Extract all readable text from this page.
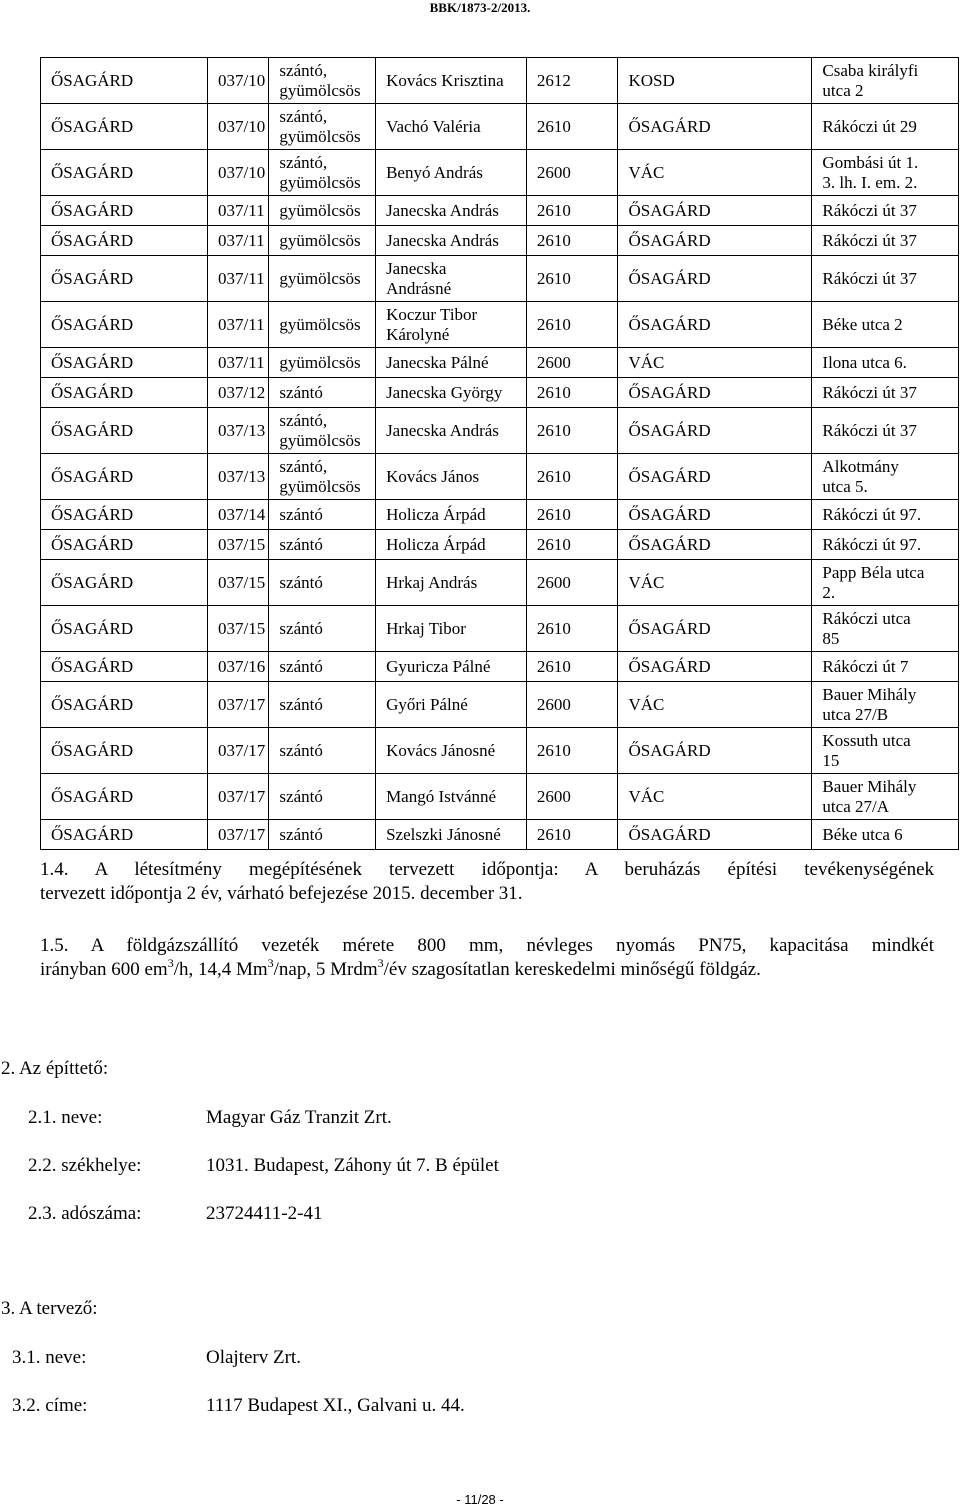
BBK/1873-2/2013.
ŐSAGÁRD	037/10	szántó,
gyümölcsös	Kovács Krisztina	2612	KOSD	Csaba királyfi
utca 2

ŐSAGÁRD	037/10	szántó,
gyümölcsös	Vachó Valéria	2610	ŐSAGÁRD	Rákóczi út 29

ŐSAGÁRD	037/10	szántó,
gyümölcsös	Benyó András	2600	VÁC	Gombási út 1.
3. lh. I. em. 2.

ŐSAGÁRD	037/11	gyümölcsös	Janecska András	2610	ŐSAGÁRD	Rákóczi út 37

ŐSAGÁRD	037/11	gyümölcsös	Janecska András	2610	ŐSAGÁRD	Rákóczi út 37

ŐSAGÁRD	037/11	gyümölcsös	Janecska
Andrásné	2610	ŐSAGÁRD	Rákóczi út 37

ŐSAGÁRD	037/11	gyümölcsös	Koczur Tibor
Károlyné	2610	ŐSAGÁRD	Béke utca 2

ŐSAGÁRD	037/11	gyümölcsös	Janecska Pálné	2600	VÁC	Ilona utca 6.

ŐSAGÁRD	037/12	szántó	Janecska György	2610	ŐSAGÁRD	Rákóczi út 37

ŐSAGÁRD	037/13	szántó,
gyümölcsös	Janecska András	2610	ŐSAGÁRD	Rákóczi út 37

ŐSAGÁRD	037/13	szántó,
gyümölcsös	Kovács János	2610	ŐSAGÁRD	Alkotmány
utca 5.

ŐSAGÁRD	037/14	szántó	Holicza Árpád	2610	ŐSAGÁRD	Rákóczi út 97.

ŐSAGÁRD	037/15	szántó	Holicza Árpád	2610	ŐSAGÁRD	Rákóczi út 97.

ŐSAGÁRD	037/15	szántó	Hrkaj András	2600	VÁC	Papp Béla utca
2.

ŐSAGÁRD	037/15	szántó	Hrkaj Tibor	2610	ŐSAGÁRD	Rákóczi utca
85

ŐSAGÁRD	037/16	szántó	Gyuricza Pálné	2610	ŐSAGÁRD	Rákóczi út 7

ŐSAGÁRD	037/17	szántó	Győri Pálné	2600	VÁC	Bauer Mihály
utca 27/B

ŐSAGÁRD	037/17	szántó	Kovács Jánosné	2610	ŐSAGÁRD	Kossuth utca
15

ŐSAGÁRD	037/17	szántó	Mangó Istvánné	2600	VÁC	Bauer Mihály
utca 27/A

ŐSAGÁRD	037/17	szántó	Szelszki Jánosné	2610	ŐSAGÁRD	Béke utca 6
1.4. A létesítmény megépítésének tervezett időpontja: A beruházás építési tevékenységének
tervezett időpontja 2 év, várható befejezése 2015. december 31.
1.5. A földgázszállító vezeték mérete 800 mm, névleges nyomás PN75, kapacitása mindkét
irányban 600 $em^3/h$, 14,4 Mm$^3$/nap, 5 Mrdm$^3$/év szagosítatlan kereskedelmi minőségű földgáz.
2. Az építtető:
2.1. neve:	Magyar Gáz Tranzit Zrt.
2.2. székhelye:	1031. Budapest, Záhony út 7. B épület
2.3. adószáma:	23724411-2-41
3. A tervező:
3.1. neve:	Olajterv Zrt.
3.2. címe:	1117 Budapest XI., Galvani u. 44.
- 11/28 -
